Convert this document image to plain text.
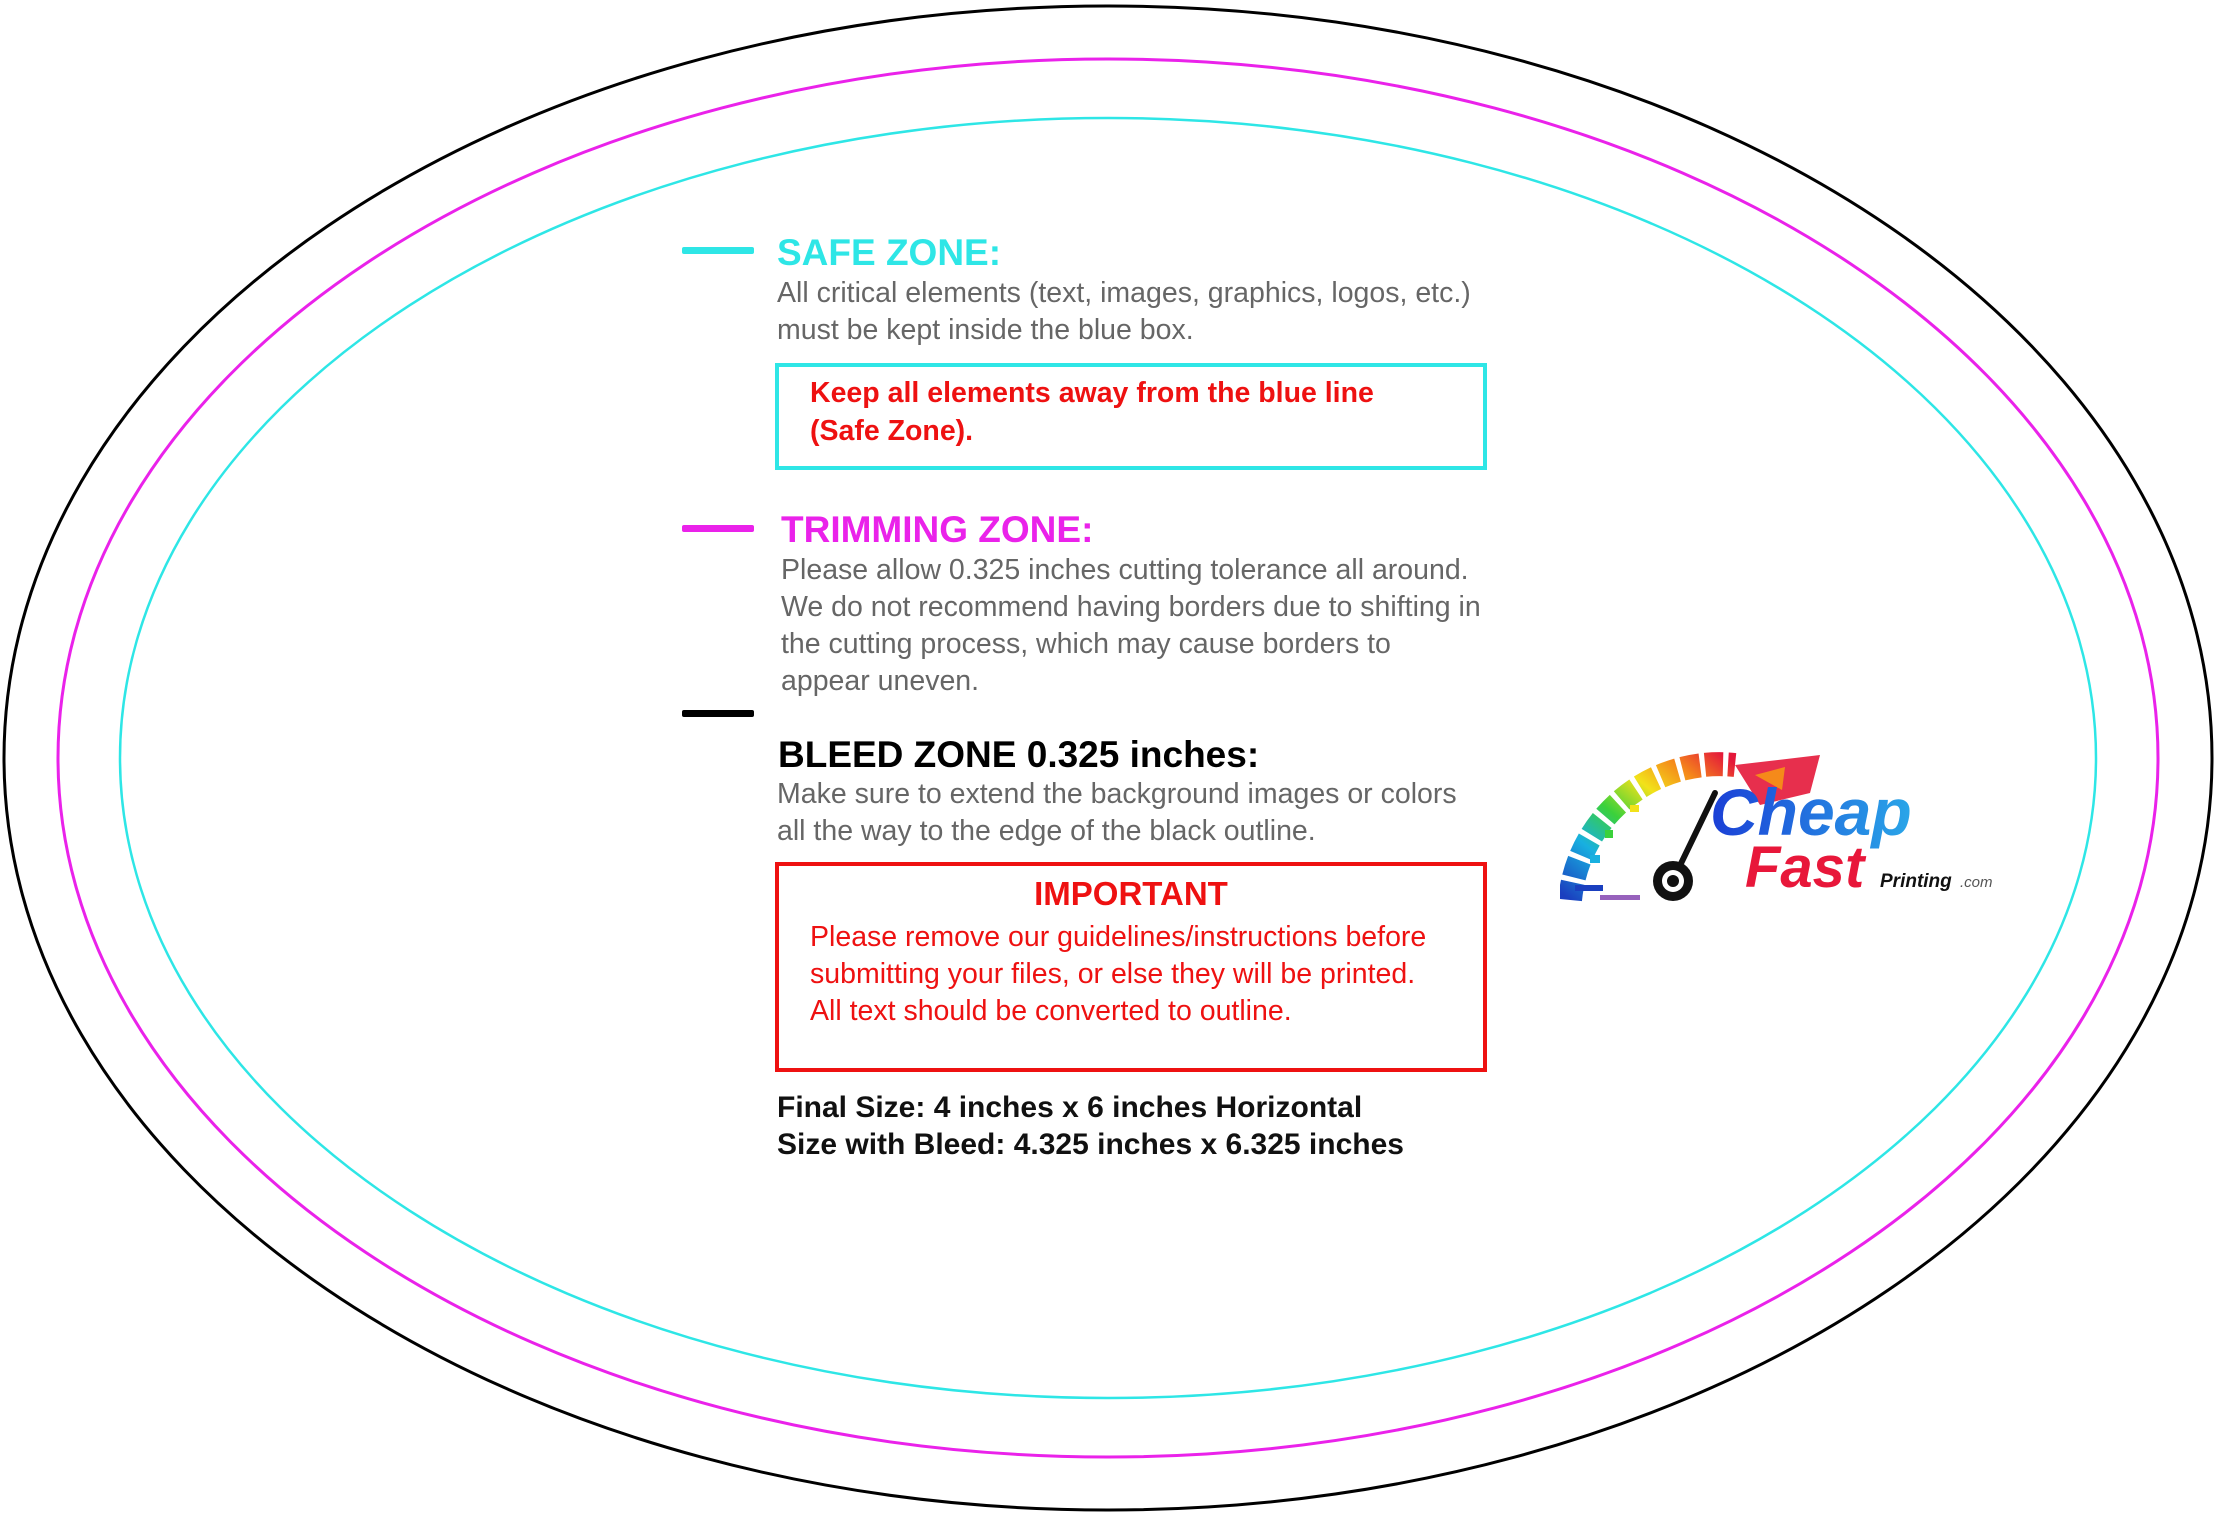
SAFE ZONE:
All critical elements (text, images, graphics, logos, etc.)
must be kept inside the blue box.
Keep all elements away from the blue line
(Safe Zone).
TRIMMING ZONE:
Please allow 0.325 inches cutting tolerance all around.
We do not recommend having borders due to shifting in
the cutting process, which may cause borders to
appear uneven.
BLEED ZONE 0.325 inches:
Make sure to extend the background images or colors
all the way to the edge of the black outline.
IMPORTANT
Please remove our guidelines/instructions before
submitting your files, or else they will be printed.
All text should be converted to outline.
Final Size: 4 inches x 6 inches Horizontal
Size with Bleed: 4.325 inches x 6.325 inches
Cheap
Fast Printing .com
